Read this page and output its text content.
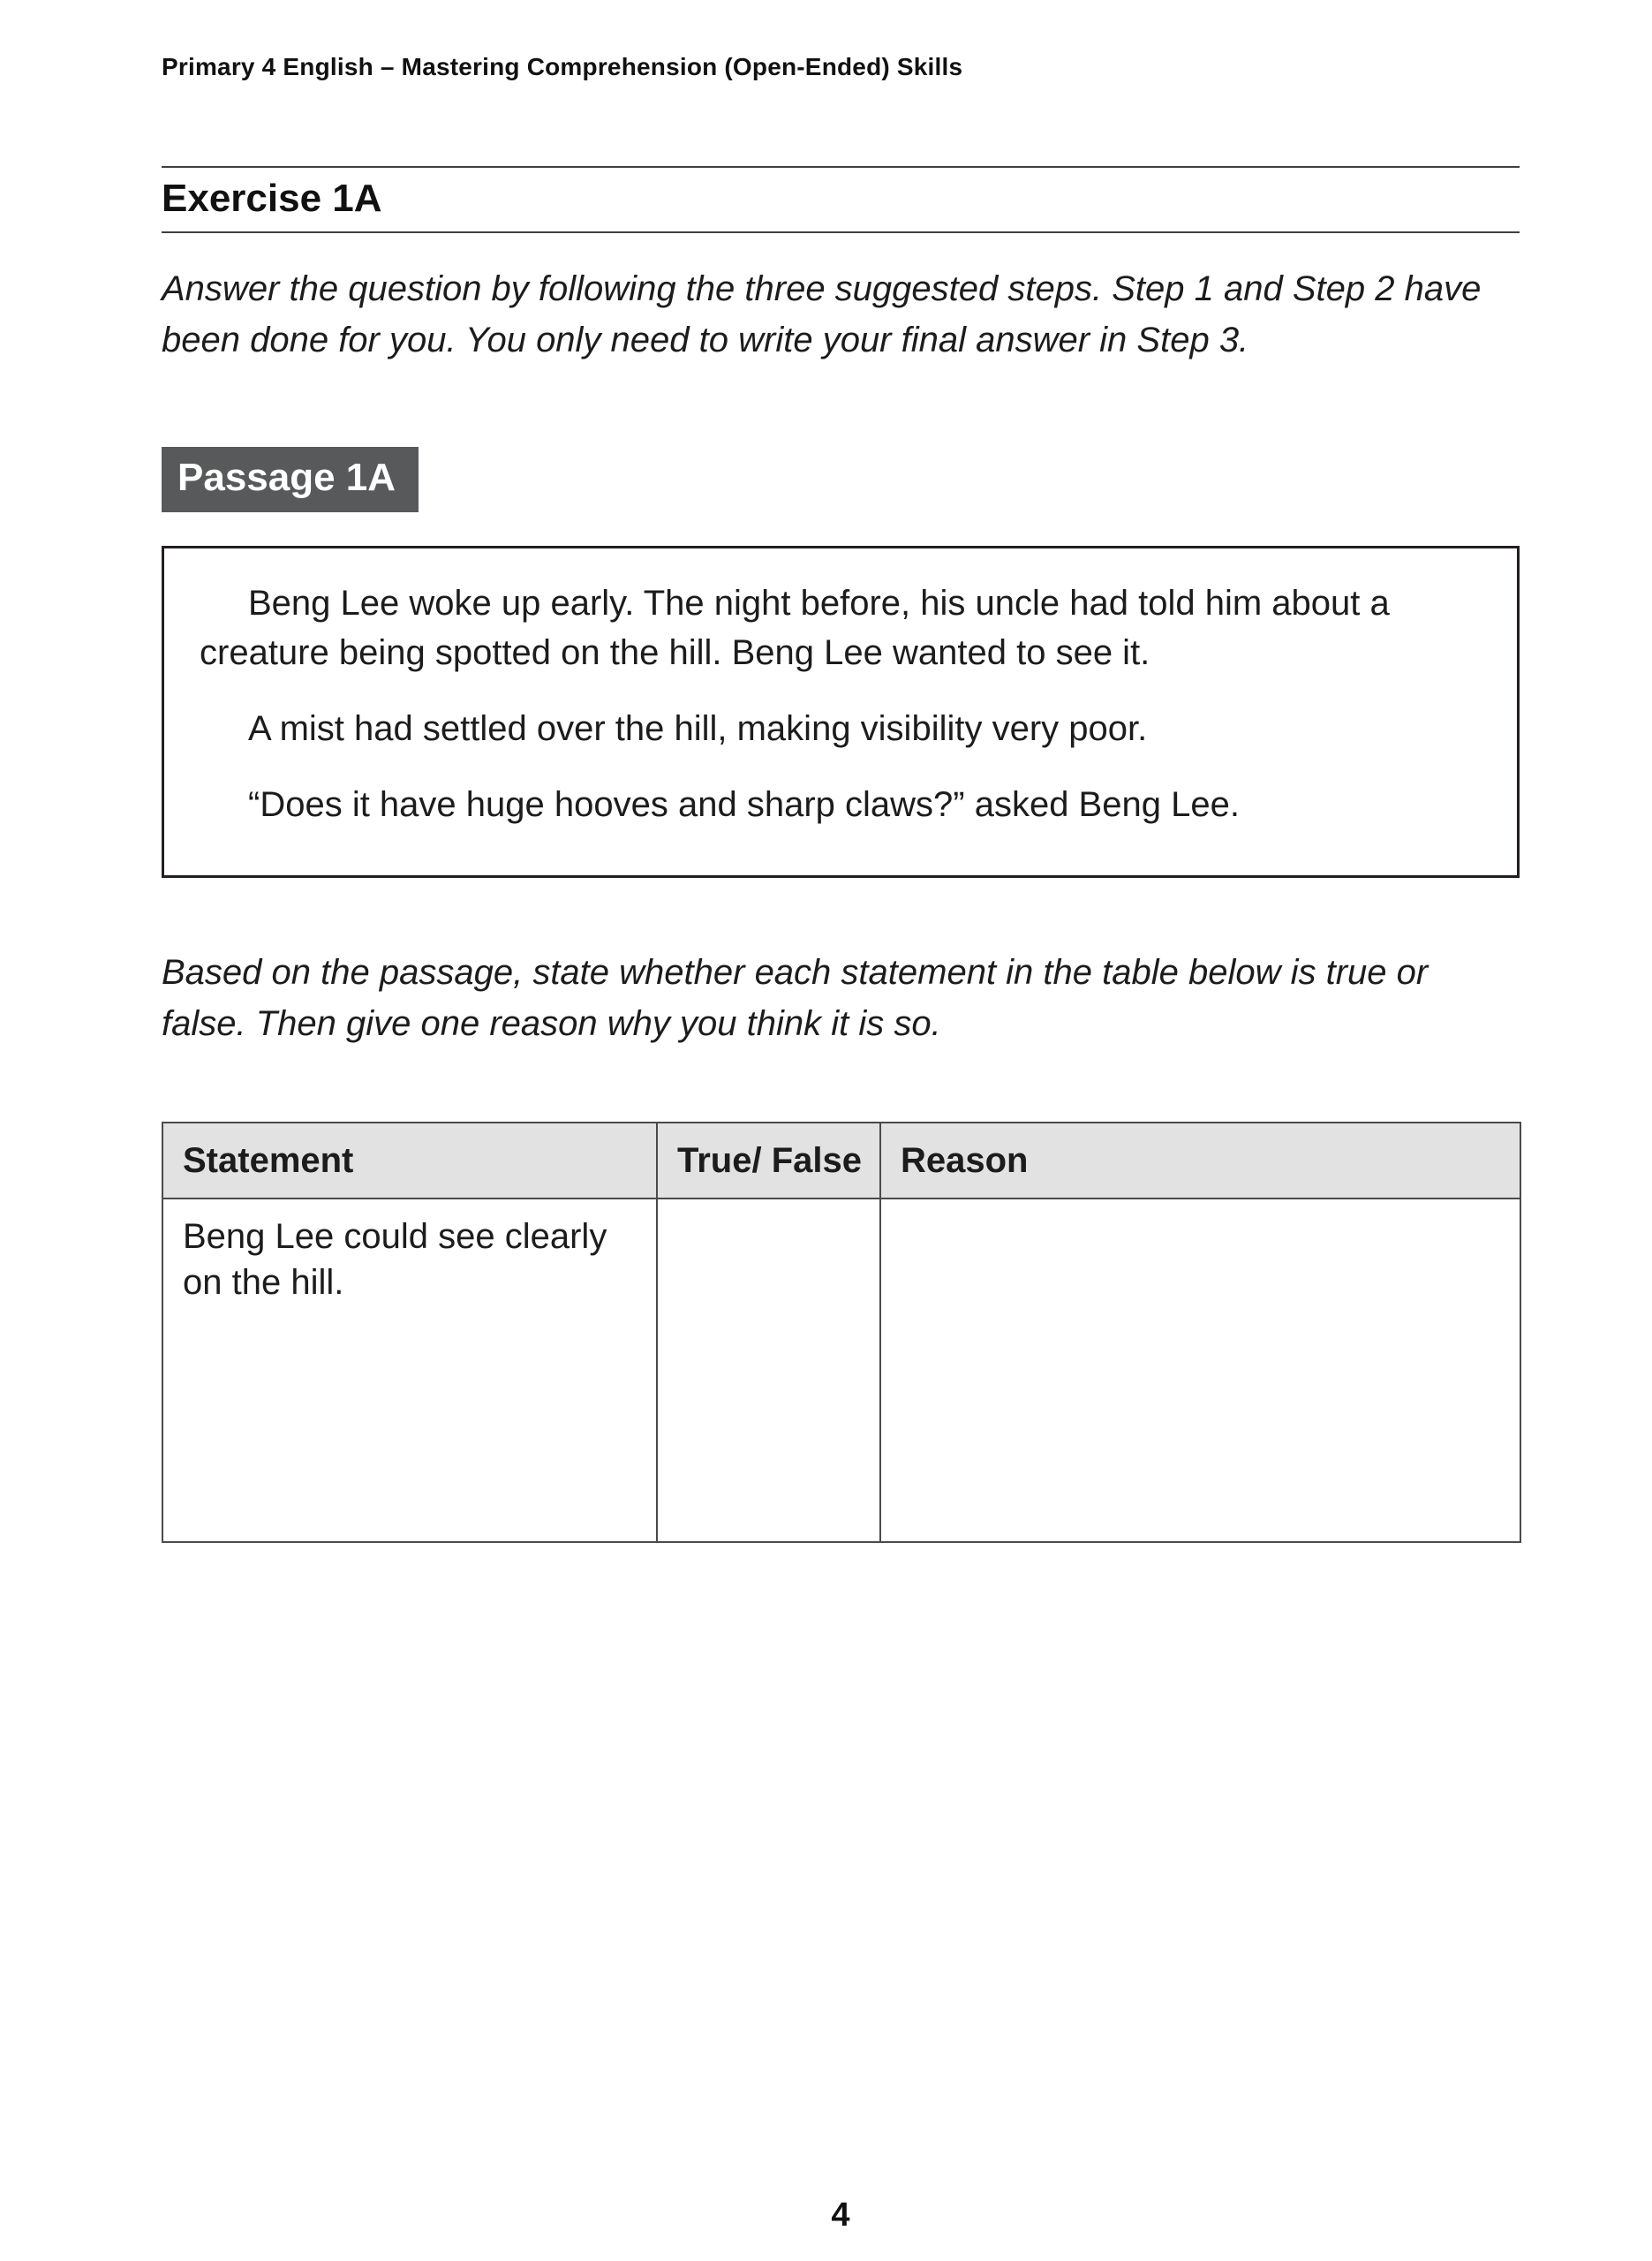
Primary 4 English – Mastering Comprehension (Open-Ended) Skills
Exercise 1A
Answer the question by following the three suggested steps. Step 1 and Step 2 have been done for you. You only need to write your final answer in Step 3.
Passage 1A

Beng Lee woke up early. The night before, his uncle had told him about a creature being spotted on the hill. Beng Lee wanted to see it.

A mist had settled over the hill, making visibility very poor.

“Does it have huge hooves and sharp claws?” asked Beng Lee.

Based on the passage, state whether each statement in the table below is true or false. Then give one reason why you think it is so.
Statement	True/ False	Reason
Beng Lee could see clearly on the hill.		
4
